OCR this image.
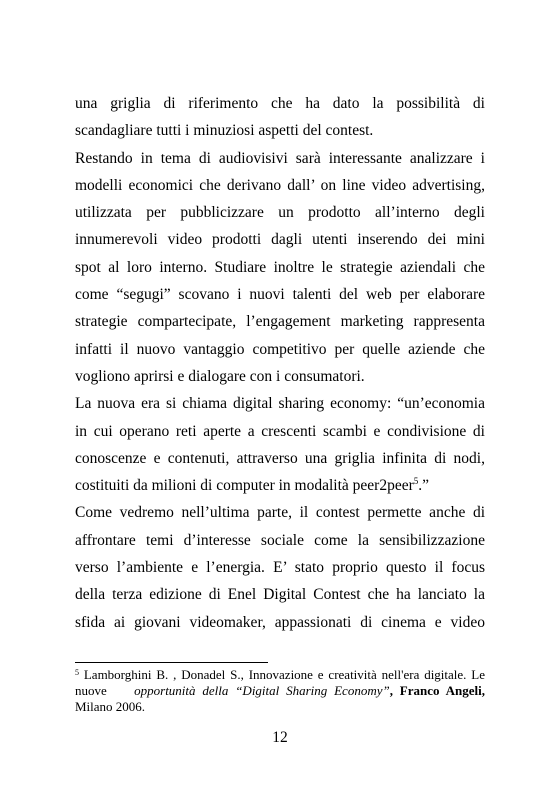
una griglia di riferimento che ha dato la possibilità di
scandagliare tutti i minuziosi aspetti del contest.
Restando in tema di audiovisivi sarà interessante analizzare i
modelli economici che derivano dall’ on line video advertising,
utilizzata per pubblicizzare un prodotto all’interno degli
innumerevoli video prodotti dagli utenti inserendo dei mini
spot al loro interno. Studiare inoltre le strategie aziendali che
come “segugi” scovano i nuovi talenti del web per elaborare
strategie compartecipate, l’engagement marketing rappresenta
infatti il nuovo vantaggio competitivo per quelle aziende che
vogliono aprirsi e dialogare con i consumatori.
La nuova era si chiama digital sharing economy: “un’economia
in cui operano reti aperte a crescenti scambi e condivisione di
conoscenze e contenuti, attraverso una griglia infinita di nodi,
costituiti da milioni di computer in modalità peer2peer$^5$.”
Come vedremo nell’ultima parte, il contest permette anche di
affrontare temi d’interesse sociale come la sensibilizzazione
verso l’ambiente e l’energia. E’ stato proprio questo il focus
della terza edizione di Enel Digital Contest che ha lanciato la
sfida ai giovani videomaker, appassionati di cinema e video
$^5$ Lamborghini B. , Donadel S., Innovazione e creatività nell'era digitale. Le
nuove opportunità della “Digital Sharing Economy”, Franco Angeli,
Milano 2006.
12
